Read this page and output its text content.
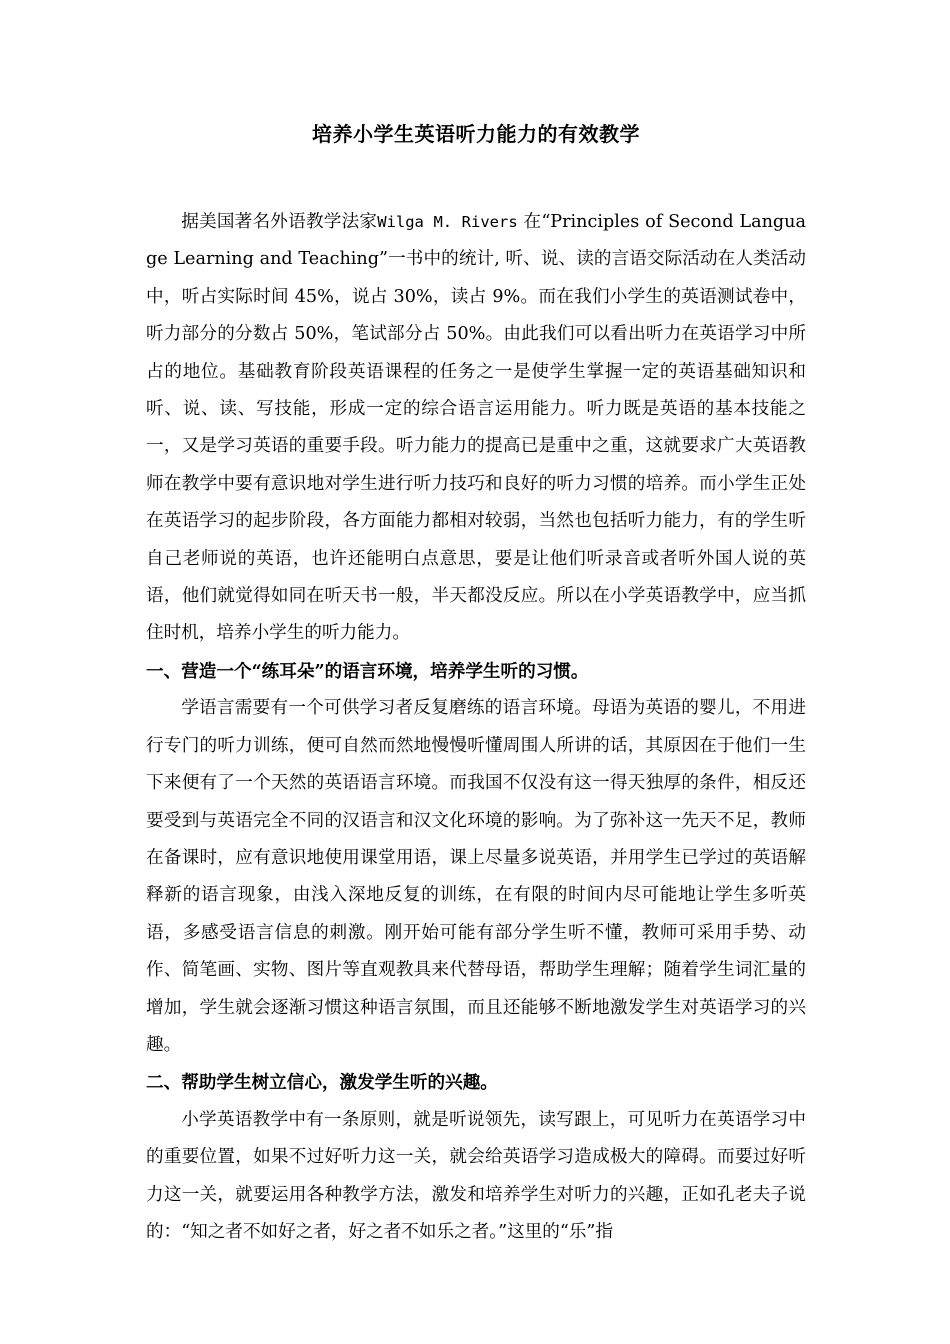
培养小学生英语听力能力的有效教学

据美国著名外语教学法家Wilga M. Rivers 在“Principles of Second Language Learning and Teaching”一书中的统计, 听、说、读的言语交际活动在人类活动中，听占实际时间 45%，说占 30%，读占 9%。而在我们小学生的英语测试卷中，听力部分的分数占 50%，笔试部分占 50%。由此我们可以看出听力在英语学习中所占的地位。基础教育阶段英语课程的任务之一是使学生掌握一定的英语基础知识和听、说、读、写技能，形成一定的综合语言运用能力。听力既是英语的基本技能之一，又是学习英语的重要手段。听力能力的提高已是重中之重，这就要求广大英语教师在教学中要有意识地对学生进行听力技巧和良好的听力习惯的培养。而小学生正处在英语学习的起步阶段，各方面能力都相对较弱，当然也包括听力能力，有的学生听自己老师说的英语，也许还能明白点意思，要是让他们听录音或者听外国人说的英语，他们就觉得如同在听天书一般，半天都没反应。所以在小学英语教学中，应当抓住时机，培养小学生的听力能力。

一、营造一个“练耳朵”的语言环境，培养学生听的习惯。

学语言需要有一个可供学习者反复磨练的语言环境。母语为英语的婴儿，不用进行专门的听力训练，便可自然而然地慢慢听懂周围人所讲的话，其原因在于他们一生下来便有了一个天然的英语语言环境。而我国不仅没有这一得天独厚的条件，相反还要受到与英语完全不同的汉语言和汉文化环境的影响。为了弥补这一先天不足，教师在备课时，应有意识地使用课堂用语，课上尽量多说英语，并用学生已学过的英语解释新的语言现象，由浅入深地反复的训练，在有限的时间内尽可能地让学生多听英语，多感受语言信息的刺激。刚开始可能有部分学生听不懂，教师可采用手势、动作、简笔画、实物、图片等直观教具来代替母语，帮助学生理解；随着学生词汇量的增加，学生就会逐渐习惯这种语言氛围，而且还能够不断地激发学生对英语学习的兴趣。

二、帮助学生树立信心，激发学生听的兴趣。

小学英语教学中有一条原则，就是听说领先，读写跟上，可见听力在英语学习中的重要位置，如果不过好听力这一关，就会给英语学习造成极大的障碍。而要过好听力这一关，就要运用各种教学方法，激发和培养学生对听力的兴趣，正如孔老夫子说的：“知之者不如好之者，好之者不如乐之者。”这里的“乐”指
